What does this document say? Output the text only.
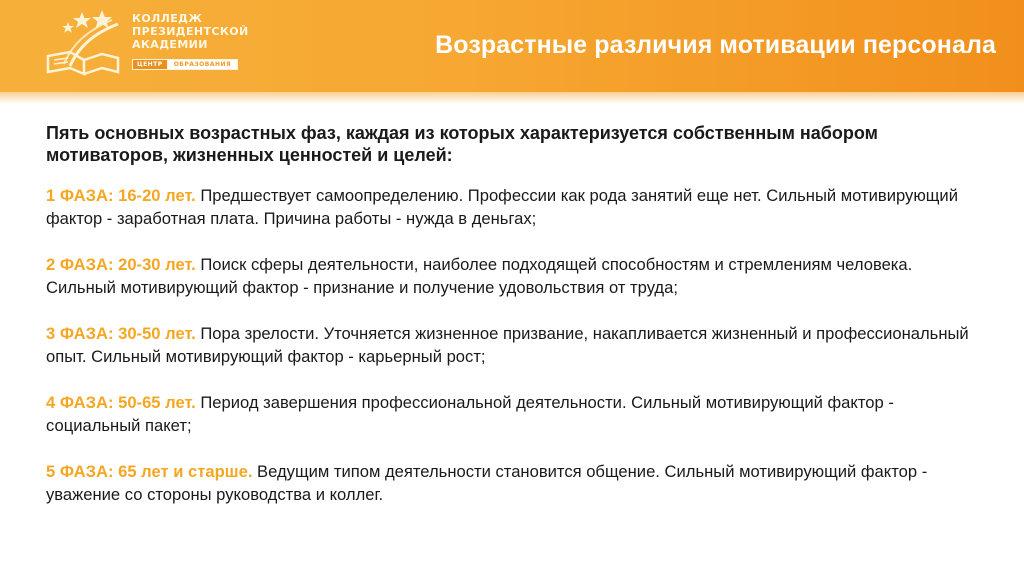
КОЛЛЕДЖ
ПРЕЗИДЕНТСКОЙ
АКАДЕМИИ
ЦЕНТР	ОБРАЗОВАНИЯ
Возрастные различия мотивации персонала

Пять основных возрастных фаз, каждая из которых характеризуется собственным набором мотиваторов, жизненных ценностей и целей:

1 ФАЗА: 16-20 лет. Предшествует самоопределению. Профессии как рода занятий еще нет. Сильный мотивирующий фактор - заработная плата. Причина работы - нужда в деньгах;

2 ФАЗА: 20-30 лет. Поиск сферы деятельности, наиболее подходящей способностям и стремлениям человека. Сильный мотивирующий фактор - признание и получение удовольствия от труда;

3 ФАЗА: 30-50 лет. Пора зрелости. Уточняется жизненное призвание, накапливается жизненный и профессиональный опыт. Сильный мотивирующий фактор - карьерный рост;

4 ФАЗА: 50-65 лет. Период завершения профессиональной деятельности. Сильный мотивирующий фактор - социальный пакет;

5 ФАЗА: 65 лет и старше. Ведущим типом деятельности становится общение. Сильный мотивирующий фактор - уважение со стороны руководства и коллег.
